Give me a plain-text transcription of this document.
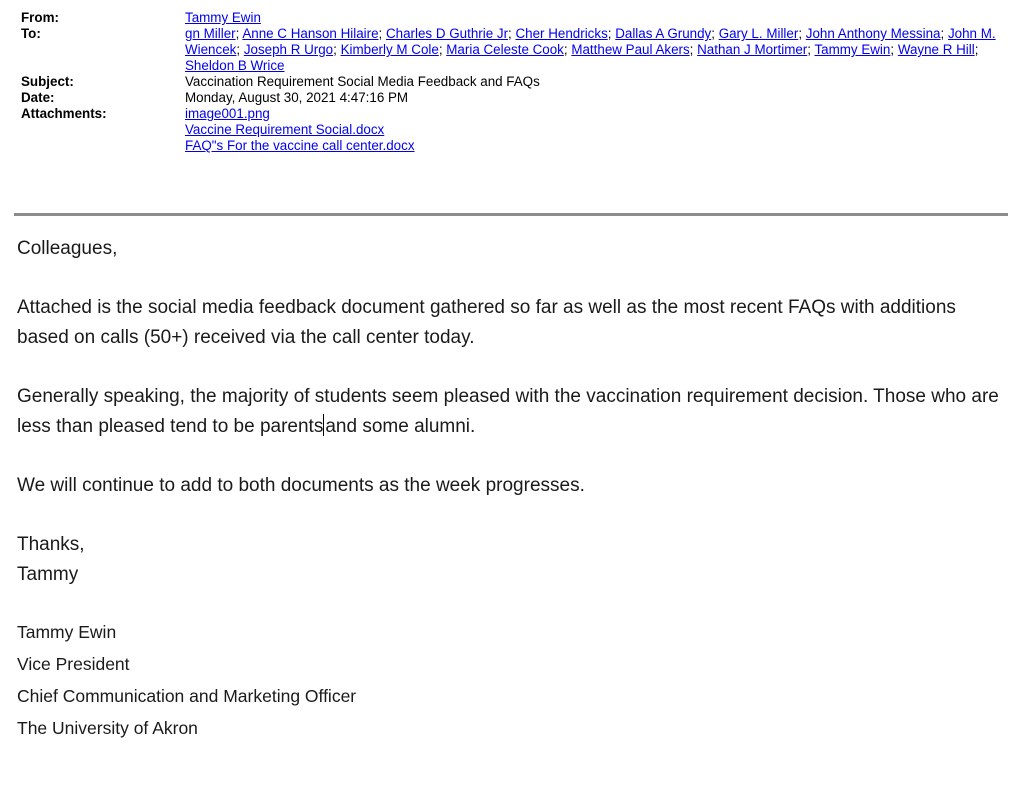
From:	Tammy Ewin
To:	gn Miller; Anne C Hanson Hilaire; Charles D Guthrie Jr; Cher Hendricks; Dallas A Grundy; Gary L. Miller; John Anthony Messina; John M. Wiencek; Joseph R Urgo; Kimberly M Cole; Maria Celeste Cook; Matthew Paul Akers; Nathan J Mortimer; Tammy Ewin; Wayne R Hill; Sheldon B Wrice
Subject:	Vaccination Requirement Social Media Feedback and FAQs
Date:	Monday, August 30, 2021 4:47:16 PM
Attachments:	image001.png
Vaccine Requirement Social.docx
FAQ"s For the vaccine call center.docx

Colleagues,

Attached is the social media feedback document gathered so far as well as the most recent FAQs with additions based on calls (50+) received via the call center today.

Generally speaking, the majority of students seem pleased with the vaccination requirement decision. Those who are less than pleased tend to be parents and some alumni.

We will continue to add to both documents as the week progresses.

Thanks,

Tammy

Tammy Ewin
Vice President
Chief Communication and Marketing Officer
The University of Akron
